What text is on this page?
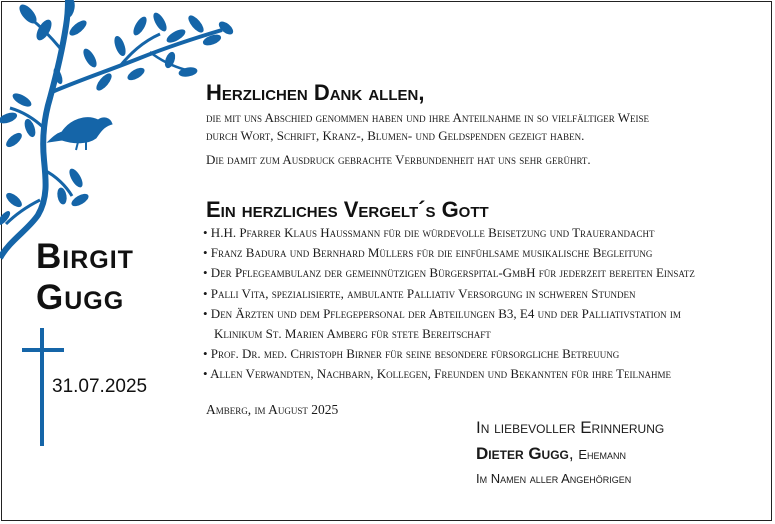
Birgit
Gugg
31.07.2025
Herzlichen Dank allen,
die mit uns Abschied genommen haben und ihre Anteilnahme in so vielfältiger Weise
durch Wort, Schrift, Kranz-, Blumen- und Geldspenden gezeigt haben.
Die damit zum Ausdruck gebrachte Verbundenheit hat uns sehr gerührt.
Ein herzliches Vergelt´s Gott
• H.H. Pfarrer Klaus Haußmann für die würdevolle Beisetzung und Trauerandacht
• Franz Badura und Bernhard Müllers für die einfühlsame musikalische Begleitung
• Der Pflegeambulanz der gemeinnützigen Bürgerspital-GmbH für jederzeit bereiten Einsatz
• Palli Vita, spezialisierte, ambulante Palliativ Versorgung in schweren Stunden
• Den Ärzten und dem Pflegepersonal der Abteilungen B3, E4 und der Palliativstation im
Klinikum St. Marien Amberg für stete Bereitschaft
• Prof. Dr. med. Christoph Birner für seine besondere fürsorgliche Betreuung
• Allen Verwandten, Nachbarn, Kollegen, Freunden und Bekannten für ihre Teilnahme
Amberg, im August 2025
In liebevoller Erinnerung
Dieter Gugg, Ehemann
Im Namen aller Angehörigen
